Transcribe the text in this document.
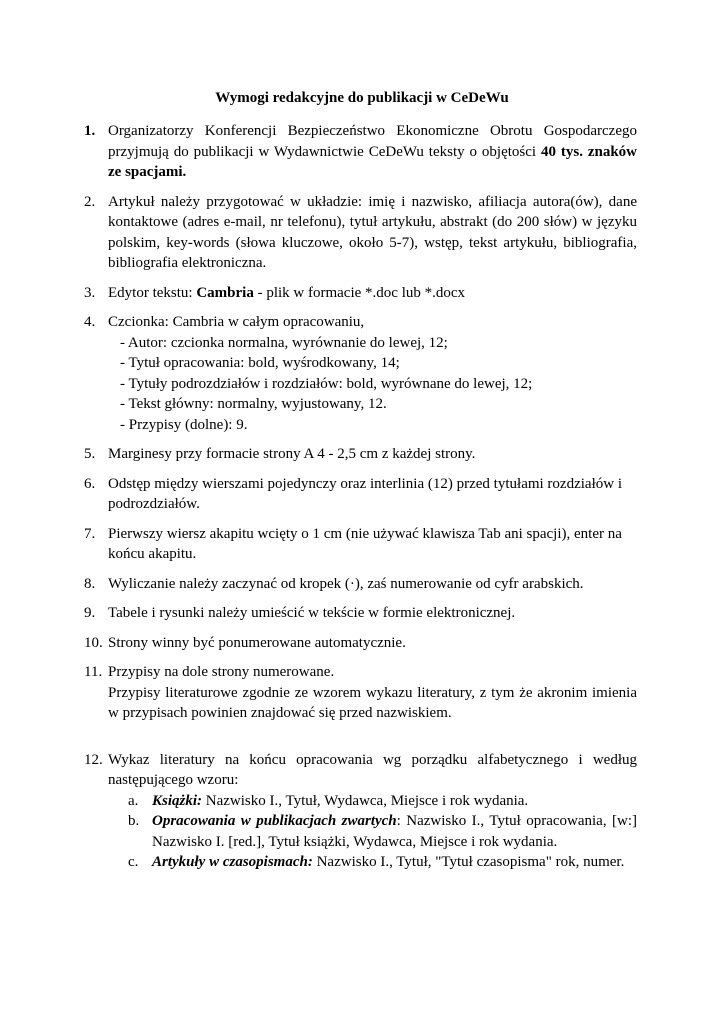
Wymogi redakcyjne do publikacji w CeDeWu
1. Organizatorzy Konferencji Bezpieczeństwo Ekonomiczne Obrotu Gospodarczego przyjmują do publikacji w Wydawnictwie CeDeWu teksty o objętości 40 tys. znaków ze spacjami.
2. Artykuł należy przygotować w układzie: imię i nazwisko, afiliacja autora(ów), dane kontaktowe (adres e-mail, nr telefonu), tytuł artykułu, abstrakt (do 200 słów) w języku polskim, key-words (słowa kluczowe, około 5-7), wstęp, tekst artykułu, bibliografia, bibliografia elektroniczna.
3. Edytor tekstu: Cambria - plik w formacie *.doc lub *.docx
4. Czcionka: Cambria w całym opracowaniu,
- Autor: czcionka normalna, wyrównanie do lewej, 12;
- Tytuł opracowania: bold, wyśrodkowany, 14;
- Tytuły podrozdziałów i rozdziałów: bold, wyrównane do lewej, 12;
- Tekst główny: normalny, wyjustowany, 12.
- Przypisy (dolne): 9.
5. Marginesy przy formacie strony A 4 - 2,5 cm z każdej strony.
6. Odstęp między wierszami pojedynczy oraz interlinia (12) przed tytułami rozdziałów i podrozdziałów.
7. Pierwszy wiersz akapitu wcięty o 1 cm (nie używać klawisza Tab ani spacji), enter na końcu akapitu.
8. Wyliczanie należy zaczynać od kropek (·), zaś numerowanie od cyfr arabskich.
9. Tabele i rysunki należy umieścić w tekście w formie elektronicznej.
10. Strony winny być ponumerowane automatycznie.
11. Przypisy na dole strony numerowane.
Przypisy literaturowe zgodnie ze wzorem wykazu literatury, z tym że akronim imienia w przypisach powinien znajdować się przed nazwiskiem.
12. Wykaz literatury na końcu opracowania wg porządku alfabetycznego i według następującego wzoru:
a. Książki: Nazwisko I., Tytuł, Wydawca, Miejsce i rok wydania.
b. Opracowania w publikacjach zwartych: Nazwisko I., Tytuł opracowania, [w:] Nazwisko I. [red.], Tytuł książki, Wydawca, Miejsce i rok wydania.
c. Artykuły w czasopismach: Nazwisko I., Tytuł, "Tytuł czasopisma" rok, numer.
